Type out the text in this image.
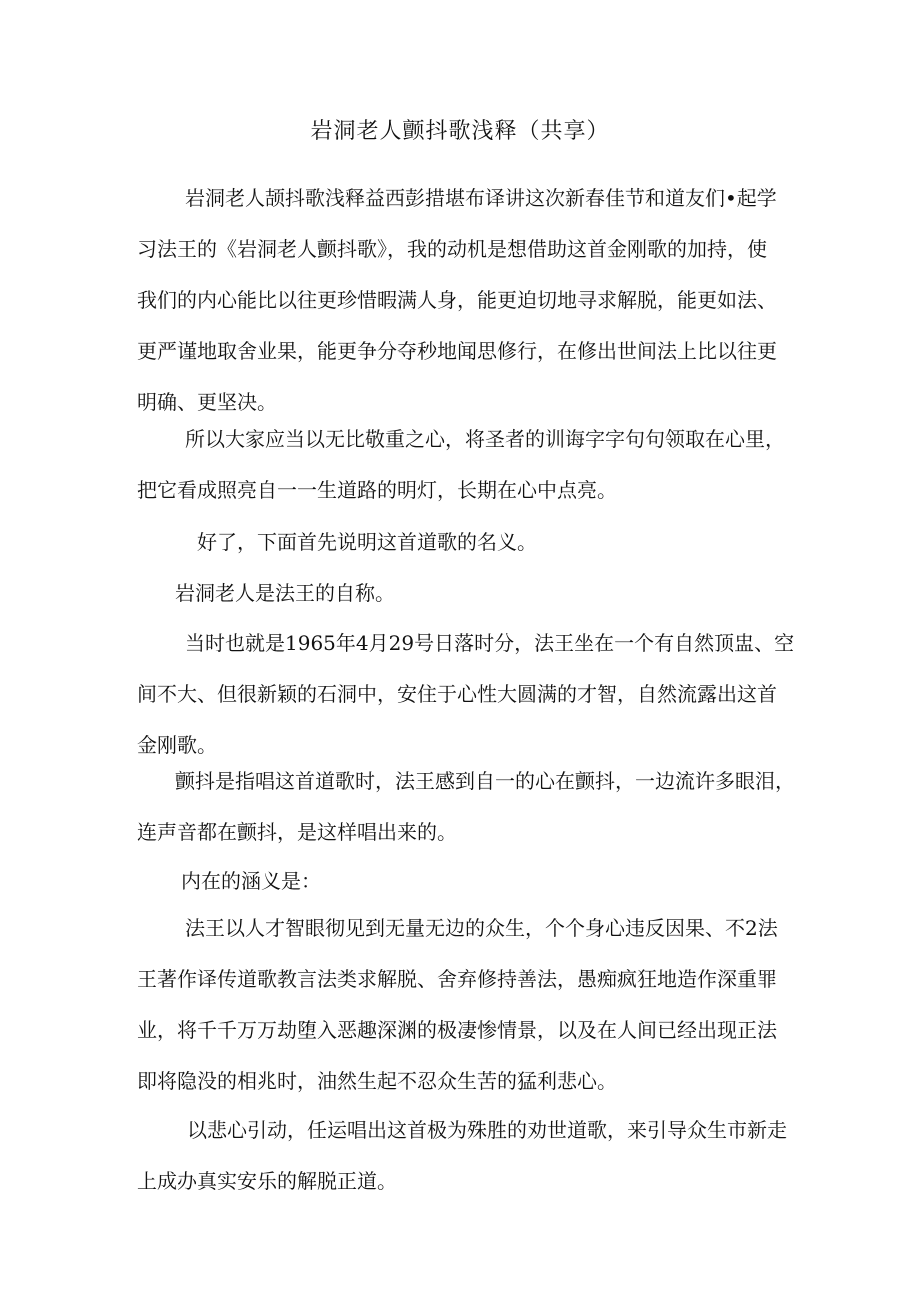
岩洞老人颤抖歌浅释（共享）
岩洞老人颉抖歌浅释益西彭措堪布译讲这次新春佳节和道友们•起学
习法王的《岩洞老人颤抖歌》，我的动机是想借助这首金刚歌的加持，使
我们的内心能比以往更珍惜暇满人身，能更迫切地寻求解脱，能更如法、
更严谨地取舍业果，能更争分夺秒地闻思修行，在修出世间法上比以往更
明确、更坚决。
所以大家应当以无比敬重之心，将圣者的训诲字字句句领取在心里，
把它看成照亮自一一生道路的明灯，长期在心中点亮。
好了，下面首先说明这首道歌的名义。
岩洞老人是法王的自称。
当时也就是1965年4月29号日落时分，法王坐在一个有自然顶盅、空
间不大、但很新颖的石洞中，安住于心性大圆满的才智，自然流露出这首
金刚歌。
颤抖是指唱这首道歌时，法王感到自一的心在颤抖，一边流许多眼泪，
连声音都在颤抖，是这样唱出来的。
内在的涵义是：
法王以人才智眼彻见到无量无边的众生，个个身心违反因果、不2法
王著作译传道歌教言法类求解脱、舍弃修持善法，愚痴疯狂地造作深重罪
业，将千千万万劫堕入恶趣深渊的极凄惨情景，以及在人间已经出现正法
即将隐没的相兆时，油然生起不忍众生苦的猛利悲心。
以悲心引动，任运唱出这首极为殊胜的劝世道歌，来引导众生市新走
上成办真实安乐的解脱正道。
